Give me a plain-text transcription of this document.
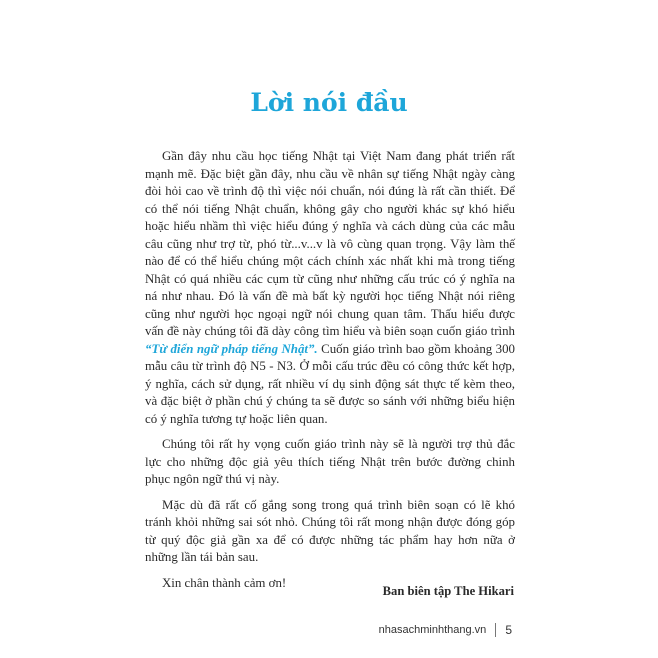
Lời nói đầu

Gần đây nhu cầu học tiếng Nhật tại Việt Nam đang phát triển rất mạnh mẽ. Đặc biệt gần đây, nhu cầu về nhân sự tiếng Nhật ngày càng đòi hỏi cao về trình độ thì việc nói chuẩn, nói đúng là rất cần thiết. Để có thể nói tiếng Nhật chuẩn, không gây cho người khác sự khó hiểu hoặc hiểu nhầm thì việc hiểu đúng ý nghĩa và cách dùng của các mẫu câu cũng như trợ từ, phó từ...v...v là vô cùng quan trọng. Vậy làm thế nào để có thể hiểu chúng một cách chính xác nhất khi mà trong tiếng Nhật có quá nhiều các cụm từ cũng như những cấu trúc có ý nghĩa na ná như nhau. Đó là vấn đề mà bất kỳ người học tiếng Nhật nói riêng cũng như người học ngoại ngữ nói chung quan tâm. Thấu hiểu được vấn đề này chúng tôi đã dày công tìm hiểu và biên soạn cuốn giáo trình “Từ điển ngữ pháp tiếng Nhật”. Cuốn giáo trình bao gồm khoảng 300 mẫu câu từ trình độ N5 - N3. Ở mỗi cấu trúc đều có công thức kết hợp, ý nghĩa, cách sử dụng, rất nhiều ví dụ sinh động sát thực tế kèm theo, và đặc biệt ở phần chú ý chúng ta sẽ được so sánh với những biểu hiện có ý nghĩa tương tự hoặc liên quan.

Chúng tôi rất hy vọng cuốn giáo trình này sẽ là người trợ thủ đắc lực cho những độc giả yêu thích tiếng Nhật trên bước đường chinh phục ngôn ngữ thú vị này.

Mặc dù đã rất cố gắng song trong quá trình biên soạn có lẽ khó tránh khỏi những sai sót nhỏ. Chúng tôi rất mong nhận được đóng góp từ quý độc giả gần xa để có được những tác phẩm hay hơn nữa ở những lần tái bản sau.

Xin chân thành cảm ơn!

Ban biên tập The Hikari
nhasachminhthang.vn 5
